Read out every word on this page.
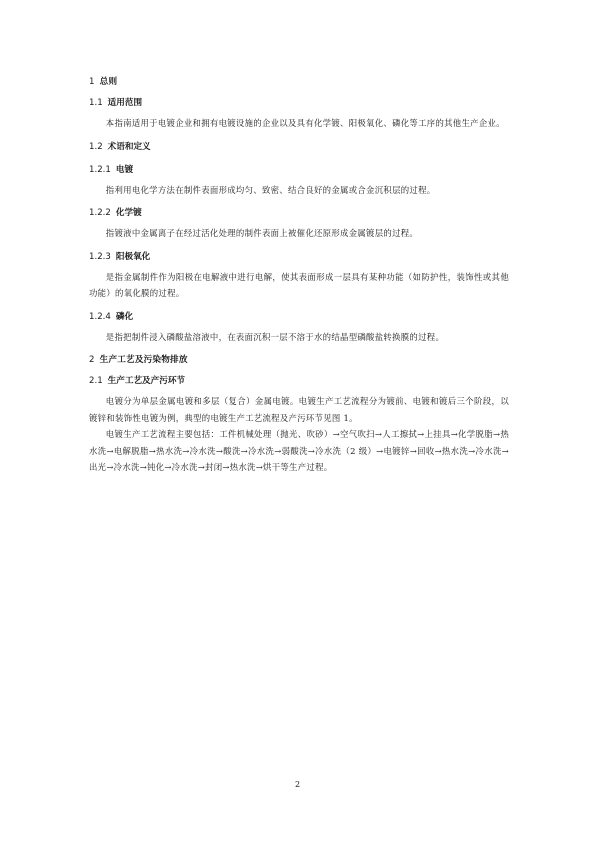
1 总则
1.1 适用范围

本指南适用于电镀企业和拥有电镀设施的企业以及具有化学镀、阳极氧化、磷化等工序的其他生产企业。

1.2 术语和定义
1.2.1 电镀

指利用电化学方法在制件表面形成均匀、致密、结合良好的金属或合金沉积层的过程。

1.2.2 化学镀

指镀液中金属离子在经过活化处理的制件表面上被催化还原形成金属镀层的过程。

1.2.3 阳极氧化

是指金属制件作为阳极在电解液中进行电解，使其表面形成一层具有某种功能（如防护性，装饰性或其他功能）的氧化膜的过程。

1.2.4 磷化

是指把制件浸入磷酸盐溶液中，在表面沉积一层不溶于水的结晶型磷酸盐转换膜的过程。

2 生产工艺及污染物排放
2.1 生产工艺及产污环节

电镀分为单层金属电镀和多层（复合）金属电镀。电镀生产工艺流程分为镀前、电镀和镀后三个阶段，以镀锌和装饰性电镀为例，典型的电镀生产工艺流程及产污环节见图 1。

电镀生产工艺流程主要包括：工件机械处理（抛光、吹砂）→空气吹扫→人工擦拭→上挂具→化学脱脂→热水洗→电解脱脂→热水洗→冷水洗→酸洗→冷水洗→弱酸洗→冷水洗（2 级）→电镀锌→回收→热水洗→冷水洗→出光→冷水洗→钝化→冷水洗→封闭→热水洗→烘干等生产过程。

2
